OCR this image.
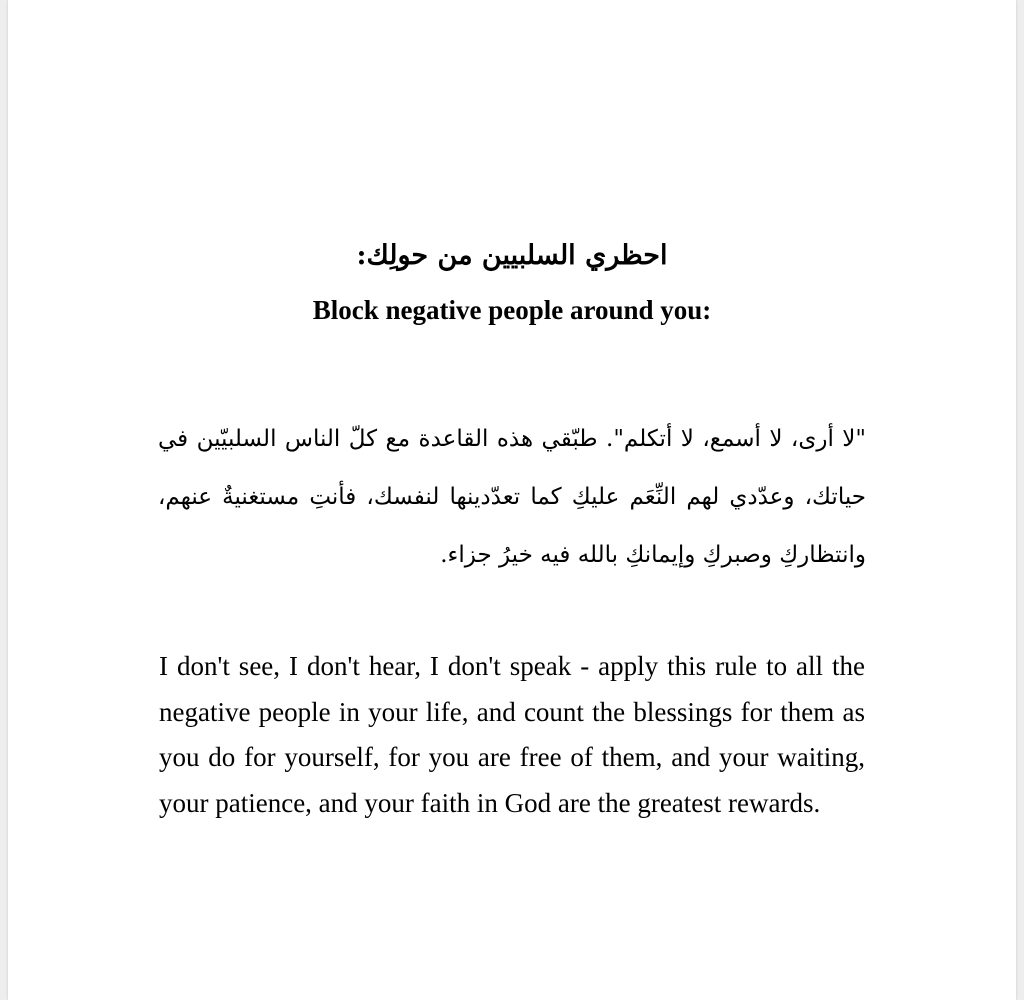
احظري السلبيين من حولِك:
Block negative people around you:

"لا أرى، لا أسمع، لا أتكلم". طبّقي هذه القاعدة مع كلّ الناس السلبيّين في حياتك، وعدّدي لهم النِّعَم عليكِ كما تعدّدينها لنفسك، فأنتِ مستغنيةٌ عنهم، وانتظاركِ وصبركِ وإيمانكِ بالله فيه خيرُ جزاء.

I don't see, I don't hear, I don't speak - apply this rule to all the negative people in your life, and count the blessings for them as you do for yourself, for you are free of them, and your waiting, your patience, and your faith in God are the greatest rewards.
